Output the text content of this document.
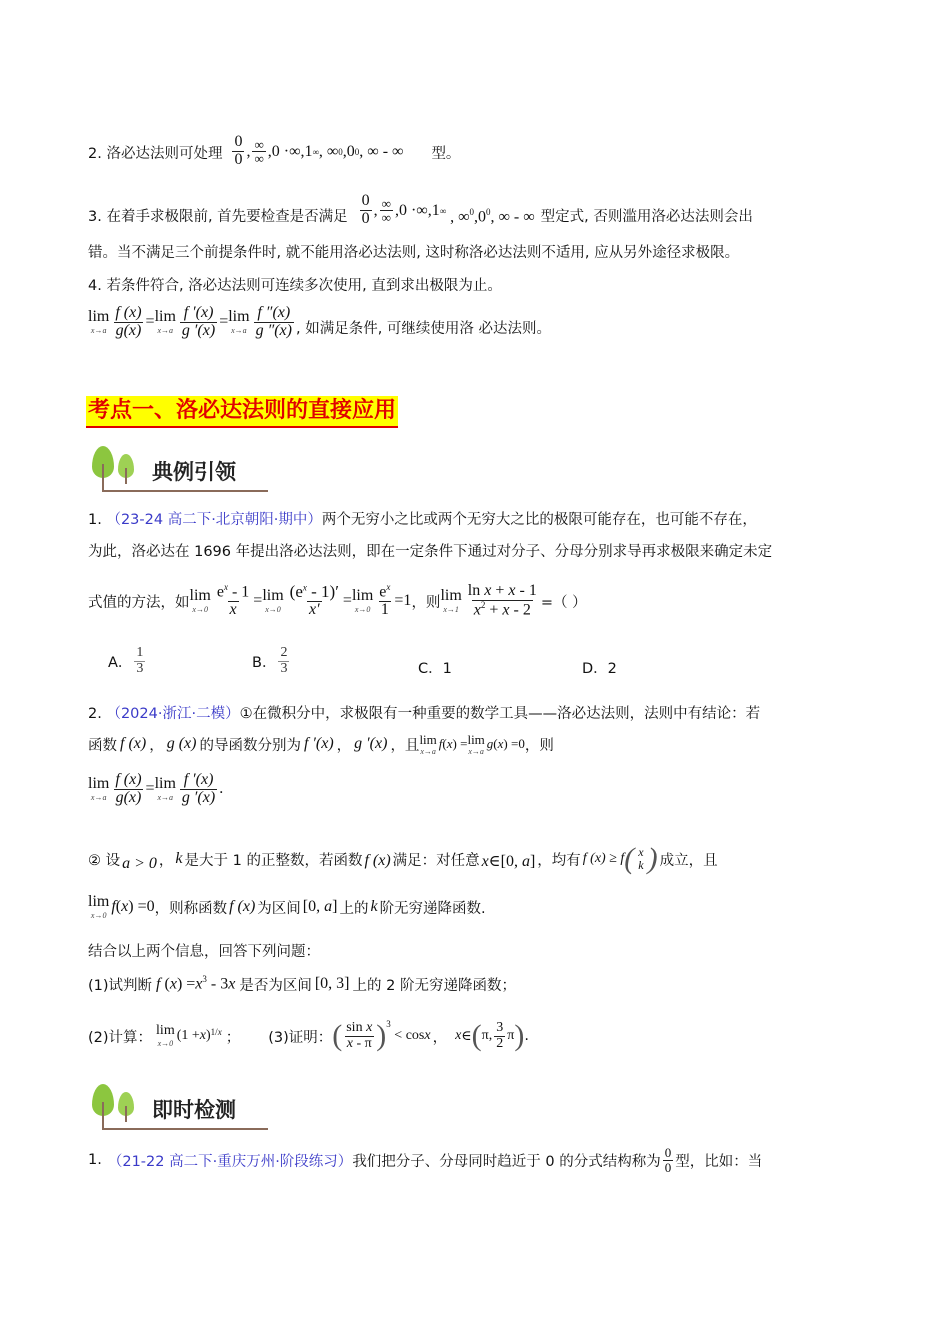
2. 洛必达法则可处理 $\frac{0}{0}$ , $\frac{\infty}{\infty} ,0 \cdot\infty,1$ ∞ , ∞ 0 ,0 0 , ∞ - ∞ 型。
3. 在着手求极限前, 首先要检查是否满足 $\frac{0}{0}$ , $\frac{\infty}{\infty} ,0 \cdot\infty,1$ ∞ , $\infty^0,0^0$, ∞ - ∞ 型定式, 否则滥用洛必达法则会出
错。当不满足三个前提条件时, 就不能用洛必达法则, 这时称洛必达法则不适用, 应从另外途径求极限。
4. 若条件符合, 洛必达法则可连续多次使用, 直到求出极限为止。
lim
$x\to a \frac{f (x)}{g(x)} = \lim$
$x\to a \frac{f '(x)}{g '(x)} = \lim$
$x\to a \frac{f ''(x)}{g ''(x)}$ , 如满足条件, 可继续使用洛 必达法则。
考点一、洛必达法则的直接应用
典例引领
1. （23-24 高二下·北京朝阳·期中）两个无穷小之比或两个无穷大之比的极限可能存在，也可能不存在，
为此，洛必达在 1696 年提出洛必达法则，即在一定条件下通过对分子、分母分别求导再求极限来确定未定
式值的方法，如 lim
$x\to 0 \frac{e^x - 1}{x} = \lim$
$x\to 0 \frac{(e^x - 1)'}{x'} = \lim$
$x\to 0 \frac{e^x}{1} =1$ ，则 lim
$x\to 1 \frac{\text{ln x + x - 1}}{x^2 + x - 2}$ =（ ）
A． $\frac{1}{3}$	B． $\frac{2}{3}$	C．1	D．2
2. （2024·浙江·二模）①在微积分中，求极限有一种重要的数学工具——洛必达法则，法则中有结论：若
函数 f (x) ， g (x) 的导函数分别为 f ′(x) ， g ′(x) ，且 lim
x→a f ( x ) = lim
x→a g ( x ) =0 ，则
lim
$x\to a \frac{f (x)}{g(x)} = \lim$
$x\to a \frac{f '(x)}{g '(x)}$ .
② 设 a > 0 ， k 是大于 1 的正整数，若函数 f (x) 满足：对任意 x∈[0, a] ，均有 f (x) ≥ f ( x
k ) 成立，且
lim
x→0
f ( x ) =0 ，则称函数 f (x) 为区间 [0, a] 上的 k 阶无穷递降函数.
结合以上两个信息，回答下列问题：
(1)试判断 f $(x) =x^3 - 3x$ 是否为区间 [0, 3] 上的 2 阶无穷递降函数；
(2)计算： lim
x→0
(1 + x )$^{1/x}$ ； (3)证明： ( $\frac{\text{sin x}}{x - \pi} )^3$
< cos x ， x ∈ ( π, $\frac{3}{2}$ π ) .
即时检测
1. （21-22 高二下·重庆万州·阶段练习） 我们把分子、分母同时趋近于 0 的分式结构称为 $\frac{0}{0}$ 型，比如：当
